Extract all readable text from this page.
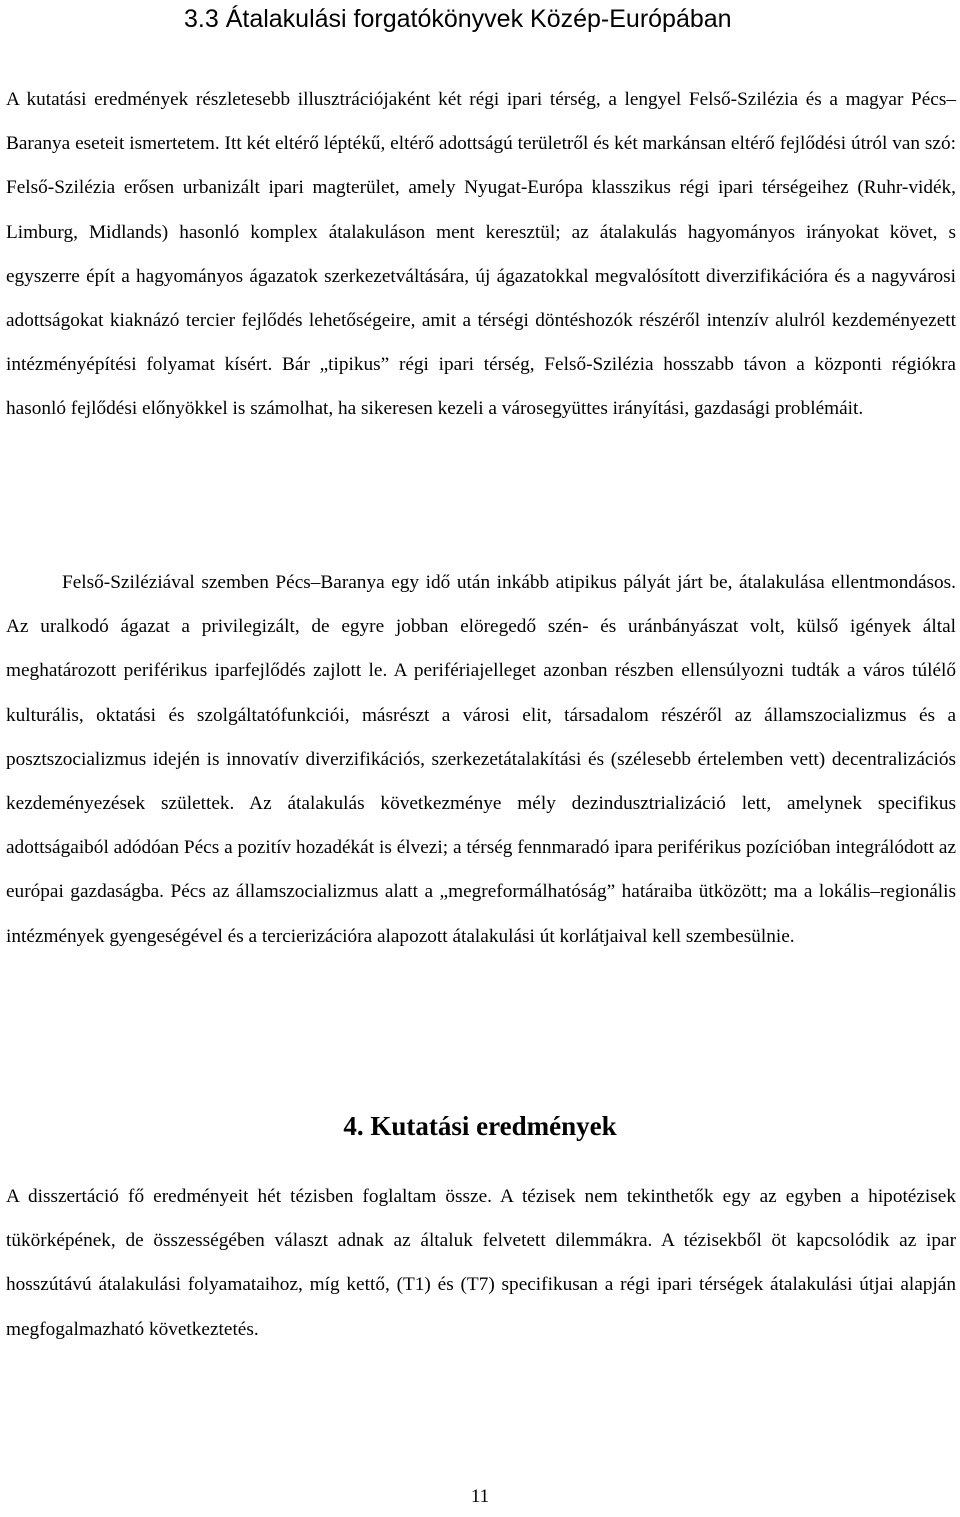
3.3 Átalakulási forgatókönyvek Közép-Európában

A kutatási eredmények részletesebb illusztrációjaként két régi ipari térség, a lengyel Felső-Szilézia és a magyar Pécs–Baranya eseteit ismertetem. Itt két eltérő léptékű, eltérő adottságú területről és két markánsan eltérő fejlődési útról van szó: Felső-Szilézia erősen urbanizált ipari magterület, amely Nyugat-Európa klasszikus régi ipari térségeihez (Ruhr-vidék, Limburg, Midlands) hasonló komplex átalakuláson ment keresztül; az átalakulás hagyományos irányokat követ, s egyszerre épít a hagyományos ágazatok szerkezetváltására, új ágazatokkal megvalósított diverzifikációra és a nagyvárosi adottságokat kiaknázó tercier fejlődés lehetőségeire, amit a térségi döntéshozók részéről intenzív alulról kezdeményezett intézményépítési folyamat kísért. Bár „tipikus” régi ipari térség, Felső-Szilézia hosszabb távon a központi régiókra hasonló fejlődési előnyökkel is számolhat, ha sikeresen kezeli a városegyüttes irányítási, gazdasági problémáit.

Felső-Sziléziával szemben Pécs–Baranya egy idő után inkább atipikus pályát járt be, átalakulása ellentmondásos. Az uralkodó ágazat a privilegizált, de egyre jobban elöregedő szén- és uránbányászat volt, külső igények által meghatározott periférikus iparfejlődés zajlott le. A perifériajelleget azonban részben ellensúlyozni tudták a város túlélő kulturális, oktatási és szolgáltatófunkciói, másrészt a városi elit, társadalom részéről az államszocializmus és a posztszocializmus idején is innovatív diverzifikációs, szerkezetátalakítási és (szélesebb értelemben vett) decentralizációs kezdeményezések születtek. Az átalakulás következménye mély dezindusztrializáció lett, amelynek specifikus adottságaiból adódóan Pécs a pozitív hozadékát is élvezi; a térség fennmaradó ipara periférikus pozícióban integrálódott az európai gazdaságba. Pécs az államszocializmus alatt a „megreformálhatóság” határaiba ütközött; ma a lokális–regionális intézmények gyengeségével és a tercierizációra alapozott átalakulási út korlátjaival kell szembesülnie.

4. Kutatási eredmények

A disszertáció fő eredményeit hét tézisben foglaltam össze. A tézisek nem tekinthetők egy az egyben a hipotézisek tükörképének, de összességében választ adnak az általuk felvetett dilemmákra. A tézisekből öt kapcsolódik az ipar hosszútávú átalakulási folyamataihoz, míg kettő, (T1) és (T7) specifikusan a régi ipari térségek átalakulási útjai alapján megfogalmazható következtetés.

11
